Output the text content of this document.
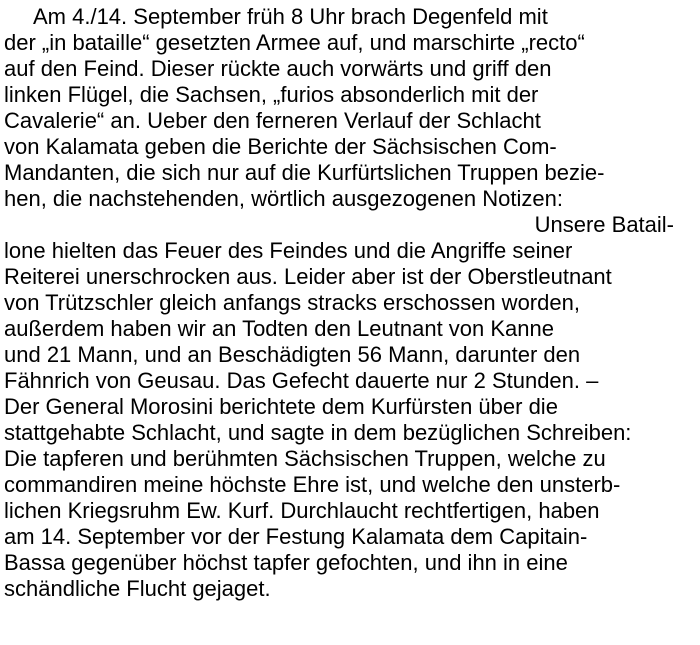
Am 4./14. September früh 8 Uhr brach Degenfeld mit
der „in bataille“ gesetzten Armee auf, und marschirte „recto“
auf den Feind. Dieser rückte auch vorwärts und griff den
linken Flügel, die Sachsen, „furios absonderlich mit der
Cavalerie“ an. Ueber den ferneren Verlauf der Schlacht
von Kalamata geben die Berichte der Sächsischen Com-
Mandanten, die sich nur auf die Kurfürtslichen Truppen bezie-
hen, die nachstehenden, wörtlich ausgezogenen Notizen:
Unsere Batail-
lone hielten das Feuer des Feindes und die Angriffe seiner
Reiterei unerschrocken aus. Leider aber ist der Oberstleutnant
von Trützschler gleich anfangs stracks erschossen worden,
außerdem haben wir an Todten den Leutnant von Kanne
und 21 Mann, und an Beschädigten 56 Mann, darunter den
Fähnrich von Geusau. Das Gefecht dauerte nur 2 Stunden. –
Der General Morosini berichtete dem Kurfürsten über die
stattgehabte Schlacht, und sagte in dem bezüglichen Schreiben:
Die tapferen und berühmten Sächsischen Truppen, welche zu
commandiren meine höchste Ehre ist, und welche den unsterb-
lichen Kriegsruhm Ew. Kurf. Durchlaucht rechtfertigen, haben
am 14. September vor der Festung Kalamata dem Capitain-
Bassa gegenüber höchst tapfer gefochten, und ihn in eine
schändliche Flucht gejaget.
